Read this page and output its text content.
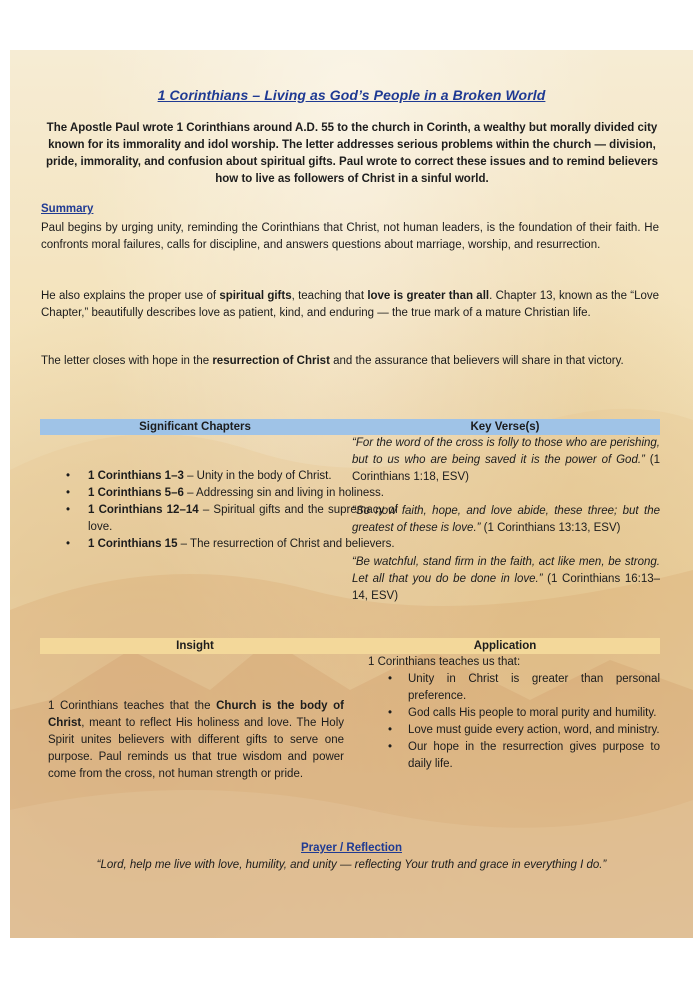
1 Corinthians – Living as God’s People in a Broken World
The Apostle Paul wrote 1 Corinthians around A.D. 55 to the church in Corinth, a wealthy but morally divided city known for its immorality and idol worship. The letter addresses serious problems within the church — division, pride, immorality, and confusion about spiritual gifts. Paul wrote to correct these issues and to remind believers how to live as followers of Christ in a sinful world.
Summary
Paul begins by urging unity, reminding the Corinthians that Christ, not human leaders, is the foundation of their faith. He confronts moral failures, calls for discipline, and answers questions about marriage, worship, and resurrection.
He also explains the proper use of spiritual gifts, teaching that love is greater than all. Chapter 13, known as the “Love Chapter,” beautifully describes love as patient, kind, and enduring — the true mark of a mature Christian life.
The letter closes with hope in the resurrection of Christ and the assurance that believers will share in that victory.
Significant Chapters	Key Verse(s)
• 1 Corinthians 1–3 – Unity in the body of Christ.
• 1 Corinthians 5–6 – Addressing sin and living in holiness.
• 1 Corinthians 12–14 – Spiritual gifts and the supremacy of love.
• 1 Corinthians 15 – The resurrection of Christ and believers.
“For the word of the cross is folly to those who are perishing, but to us who are being saved it is the power of God.” (1 Corinthians 1:18, ESV)
“So now faith, hope, and love abide, these three; but the greatest of these is love.” (1 Corinthians 13:13, ESV)
“Be watchful, stand firm in the faith, act like men, be strong. Let all that you do be done in love.” (1 Corinthians 16:13–14, ESV)
Insight	Application
1 Corinthians teaches that the Church is the body of Christ, meant to reflect His holiness and love. The Holy Spirit unites believers with different gifts to serve one purpose. Paul reminds us that true wisdom and power come from the cross, not human strength or pride.
1 Corinthians teaches us that:
• Unity in Christ is greater than personal preference.
• God calls His people to moral purity and humility.
• Love must guide every action, word, and ministry.
• Our hope in the resurrection gives purpose to daily life.
Prayer / Reflection
“Lord, help me live with love, humility, and unity — reflecting Your truth and grace in everything I do.”
